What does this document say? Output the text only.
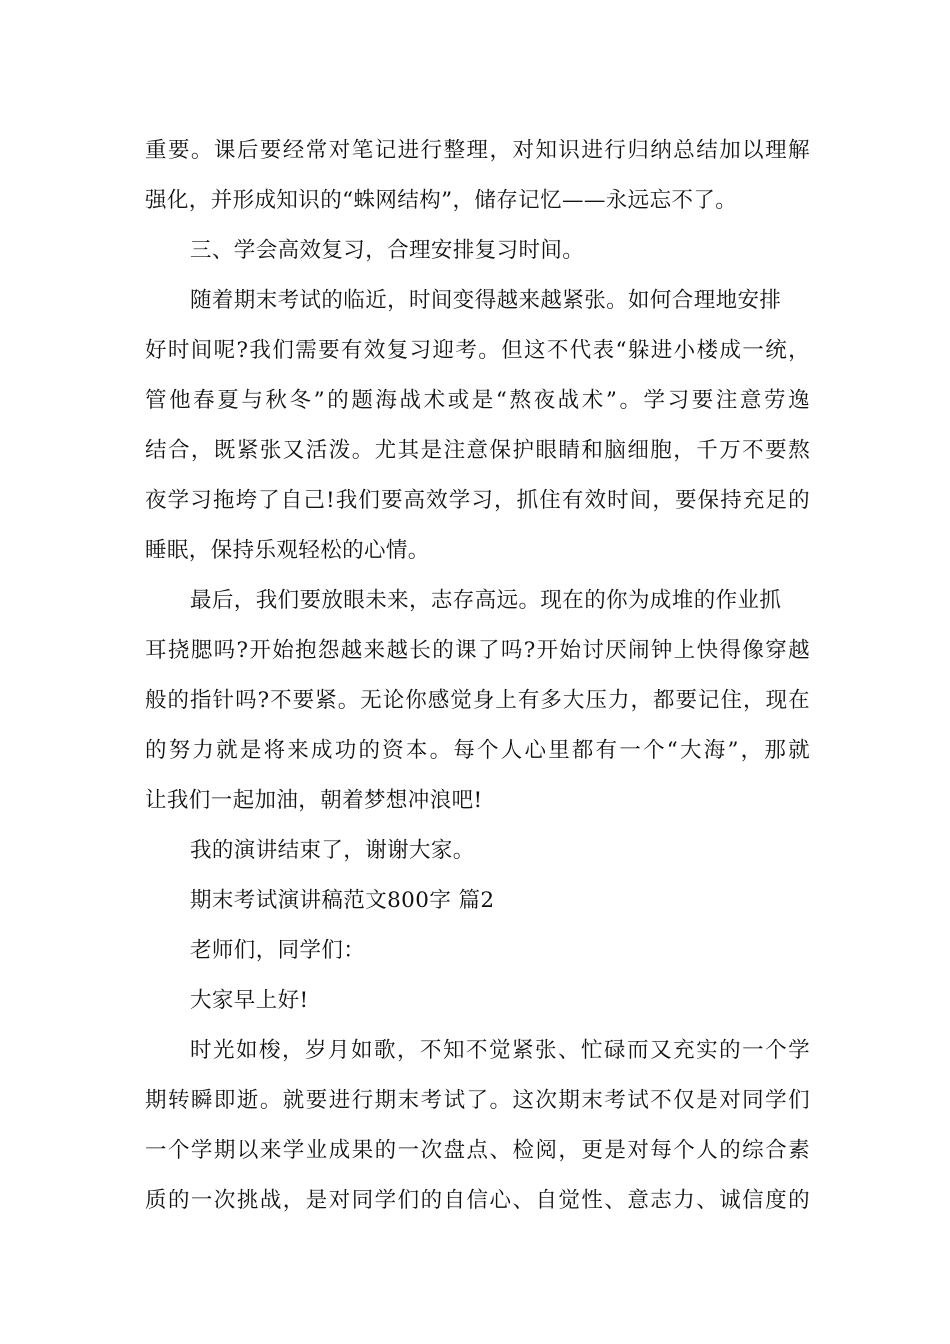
重要。课后要经常对笔记进行整理，对知识进行归纳总结加以理解
强化，并形成知识的“蛛网结构”，储存记忆——永远忘不了。
三、学会高效复习，合理安排复习时间。
随着期末考试的临近，时间变得越来越紧张。如何合理地安排
好时间呢?我们需要有效复习迎考。但这不代表“躲进小楼成一统，
管他春夏与秋冬”的题海战术或是“熬夜战术”。学习要注意劳逸
结合，既紧张又活泼。尤其是注意保护眼睛和脑细胞，千万不要熬
夜学习拖垮了自己!我们要高效学习，抓住有效时间，要保持充足的
睡眠，保持乐观轻松的心情。
最后，我们要放眼未来，志存高远。现在的你为成堆的作业抓
耳挠腮吗?开始抱怨越来越长的课了吗?开始讨厌闹钟上快得像穿越
般的指针吗?不要紧。无论你感觉身上有多大压力，都要记住，现在
的努力就是将来成功的资本。每个人心里都有一个“大海”，那就
让我们一起加油，朝着梦想冲浪吧!
我的演讲结束了，谢谢大家。
期末考试演讲稿范文800字 篇2
老师们，同学们：
大家早上好!
时光如梭，岁月如歌，不知不觉紧张、忙碌而又充实的一个学
期转瞬即逝。就要进行期末考试了。这次期末考试不仅是对同学们
一个学期以来学业成果的一次盘点、检阅，更是对每个人的综合素
质的一次挑战，是对同学们的自信心、自觉性、意志力、诚信度的
